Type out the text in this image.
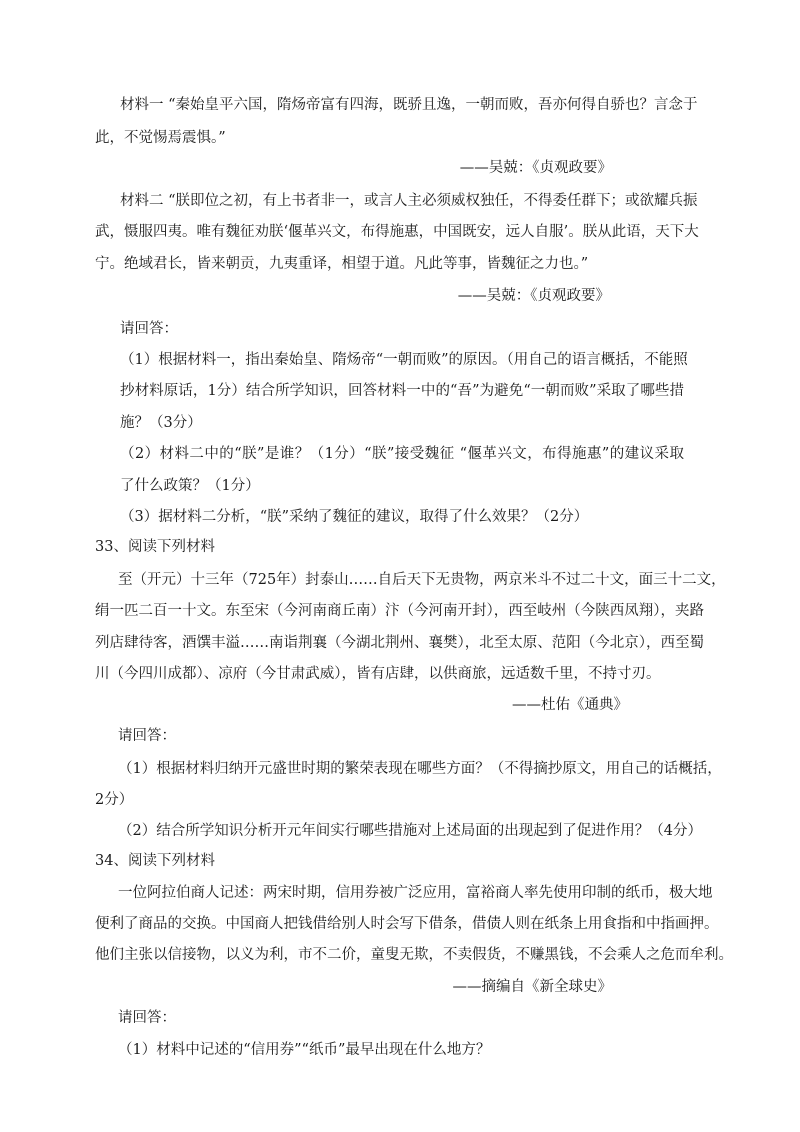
材料一 “秦始皇平六国，隋炀帝富有四海，既骄且逸，一朝而败，吾亦何得自骄也？言念于

此，不觉惕焉震惧。”

——吴兢：《贞观政要》

材料二 “朕即位之初，有上书者非一，或言人主必须威权独任，不得委任群下；或欲耀兵振

武，慑服四夷。唯有魏征劝朕‘偃革兴文，布得施惠，中国既安，远人自服’。朕从此语，天下大

宁。绝域君长，皆来朝贡，九夷重译，相望于道。凡此等事，皆魏征之力也。”

——吴兢：《贞观政要》

请回答：

（1）根据材料一，指出秦始皇、隋炀帝“一朝而败”的原因。（用自己的语言概括，不能照

抄材料原话，1分）结合所学知识，回答材料一中的“吾”为避免“一朝而败”采取了哪些措

施？（3分）

（2）材料二中的“朕”是谁？（1分）“朕”接受魏征 “偃革兴文，布得施惠”的建议采取

了什么政策？（1分）

（3）据材料二分析，“朕”采纳了魏征的建议，取得了什么效果？（2分）

33、阅读下列材料

至（开元）十三年（725年）封泰山……自后天下无贵物，两京米斗不过二十文，面三十二文，

绢一匹二百一十文。东至宋（今河南商丘南）汴（今河南开封），西至岐州（今陕西凤翔），夹路

列店肆待客，酒馔丰溢……南诣荆襄（今湖北荆州、襄樊），北至太原、范阳（今北京），西至蜀

川（今四川成都）、凉府（今甘肃武威），皆有店肆，以供商旅，远适数千里，不持寸刃。

——杜佑《通典》

请回答：

（1）根据材料归纳开元盛世时期的繁荣表现在哪些方面？（不得摘抄原文，用自己的话概括，

2分）

（2）结合所学知识分析开元年间实行哪些措施对上述局面的出现起到了促进作用？（4分）

34、阅读下列材料

一位阿拉伯商人记述：两宋时期，信用券被广泛应用，富裕商人率先使用印制的纸币，极大地

便利了商品的交换。中国商人把钱借给别人时会写下借条，借债人则在纸条上用食指和中指画押。

他们主张以信接物，以义为利，市不二价，童叟无欺，不卖假货，不赚黑钱，不会乘人之危而牟利。

——摘编自《新全球史》

请回答：

（1）材料中记述的“信用券”“纸币”最早出现在什么地方？
